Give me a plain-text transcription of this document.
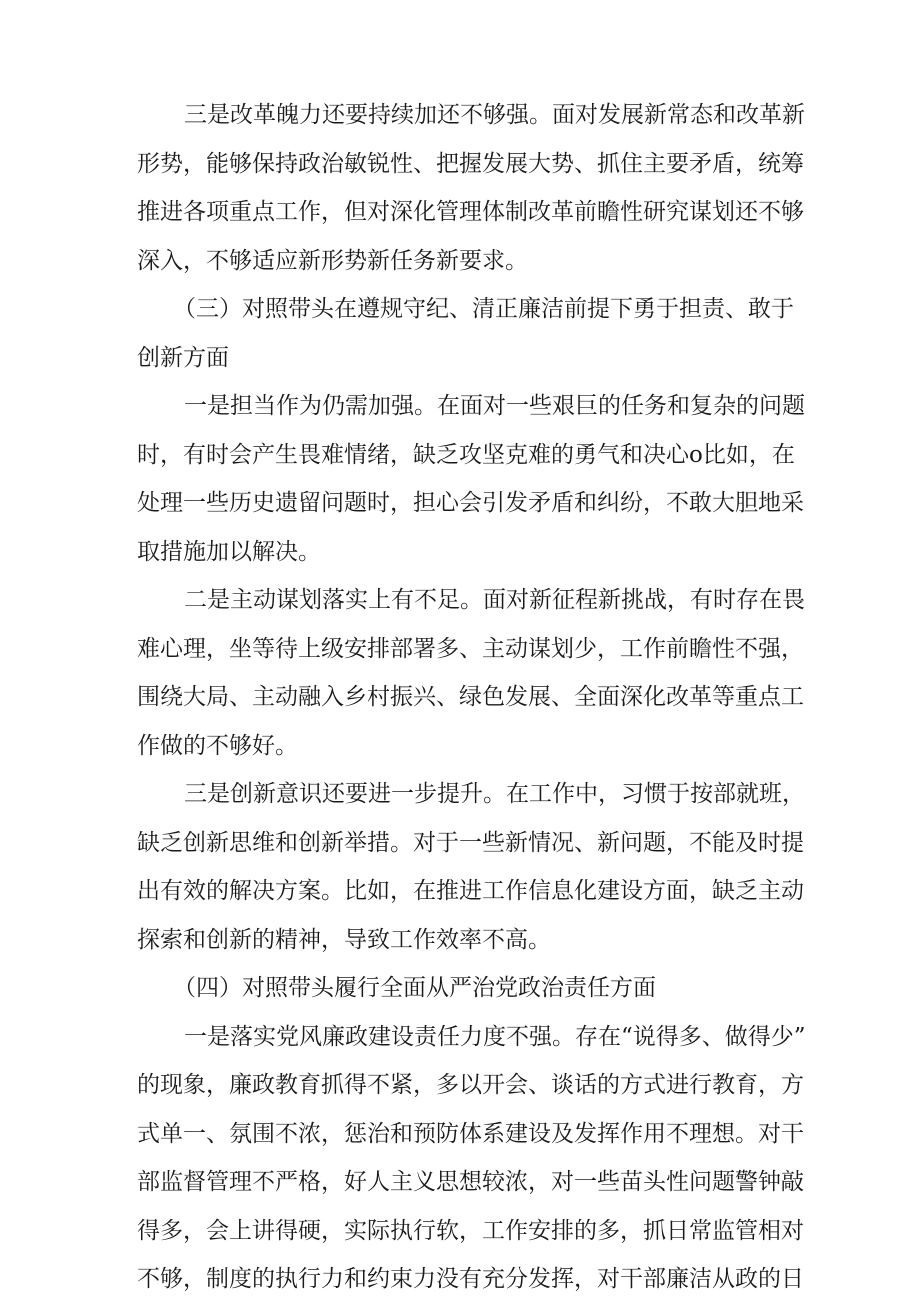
三是改革魄力还要持续加还不够强。面对发展新常态和改革新
形势，能够保持政治敏锐性、把握发展大势、抓住主要矛盾，统筹
推进各项重点工作，但对深化管理体制改革前瞻性研究谋划还不够
深入，不够适应新形势新任务新要求。
（三）对照带头在遵规守纪、清正廉洁前提下勇于担责、敢于
创新方面
一是担当作为仍需加强。在面对一些艰巨的任务和复杂的问题
时，有时会产生畏难情绪，缺乏攻坚克难的勇气和决心o比如，在
处理一些历史遗留问题时，担心会引发矛盾和纠纷，不敢大胆地采
取措施加以解决。
二是主动谋划落实上有不足。面对新征程新挑战，有时存在畏
难心理，坐等待上级安排部署多、主动谋划少，工作前瞻性不强，
围绕大局、主动融入乡村振兴、绿色发展、全面深化改革等重点工
作做的不够好。
三是创新意识还要进一步提升。在工作中，习惯于按部就班，
缺乏创新思维和创新举措。对于一些新情况、新问题，不能及时提
出有效的解决方案。比如，在推进工作信息化建设方面，缺乏主动
探索和创新的精神，导致工作效率不高。
（四）对照带头履行全面从严治党政治责任方面
一是落实党风廉政建设责任力度不强。存在“说得多、做得少”
的现象，廉政教育抓得不紧，多以开会、谈话的方式进行教育，方
式单一、氛围不浓，惩治和预防体系建设及发挥作用不理想。对干
部监督管理不严格，好人主义思想较浓，对一些苗头性问题警钟敲
得多，会上讲得硬，实际执行软，工作安排的多，抓日常监管相对
不够，制度的执行力和约束力没有充分发挥，对干部廉洁从政的日
